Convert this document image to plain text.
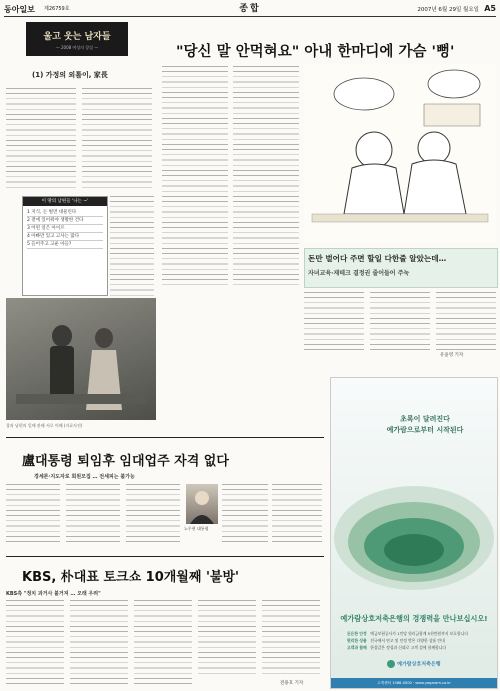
동아일보 제26759호	종합	2007년 6월 29일 월요일 A5
울고 웃는 남자들
— 2008 여성의 창설 —
(1) 가정의 외톨이, 家長
이 땅의 남편들 '나는 ~'
1 지식, 돈 벌면 대물린다
2 곁에 있어줘야 생활한 건다
3 어떤 일은 아이르
4 아빠만 있고 고사는 많다
5 들어주고 고운 아들?
창과 남편의 일에 관해 서로 이해 (자료사진)
"당신 말 안먹혀요" 아내 한마디에 가슴 '뻥'
돈만 벌어다 주면 할일 다한줄 알았는데…
자녀교육·재테크 결정권 줄어들어 주눅
유윤영 기자
盧대통령 퇴임후 임대업주 자격 없다
경세론·지도자로 회원모집 … 전세피는 불가능
노무현 대통령
KBS, 朴대표 토크쇼 10개월째 '불방'
KBS측 "정치 과거사 불거져 … 오래 우려"
전용호 기자
초록이 달려진다
예가람으로부터 시작된다
예가람상호저축은행의 경쟁력을 만나보십시오!
든든한 안정 예금보험공사가 1인당 원리금합계 5천만원까지 보호합니다
편리한 상품 전국에서 연고 및 인정 받은 다양한 상품 안내
고객과 함께 한결같은 정성과 신뢰로 고객 곁에 함께합니다
예가람상호저축은행
고객센터 1588-0000 · www.yegaram.co.kr
